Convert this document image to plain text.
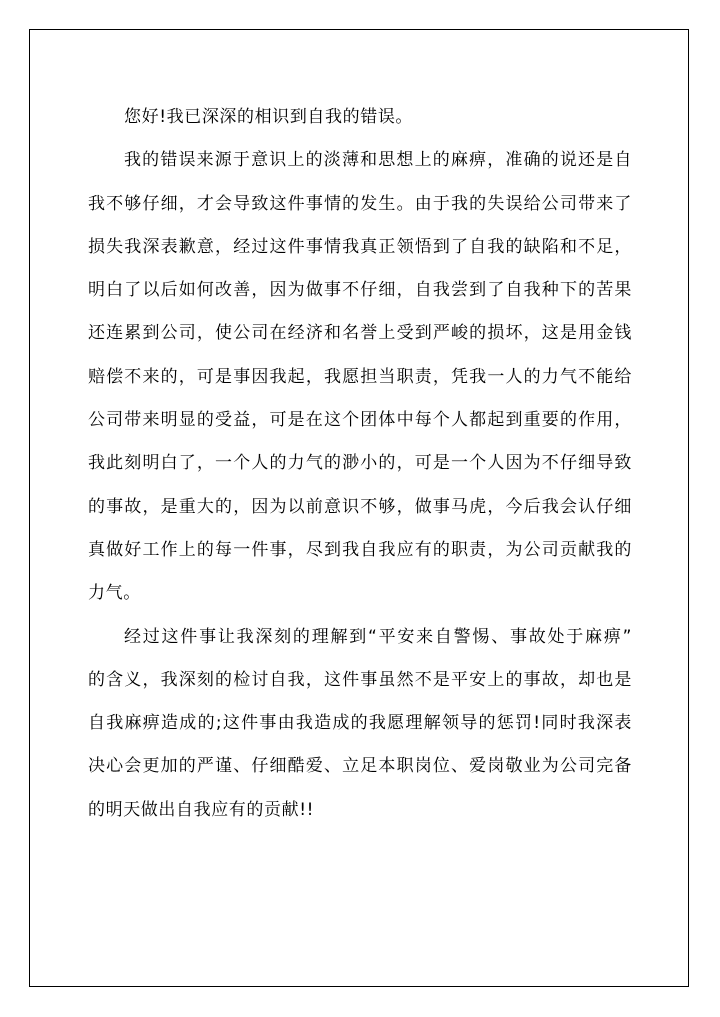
您好!我已深深的相识到自我的错误。
我的错误来源于意识上的淡薄和思想上的麻痹，准确的说还是自
我不够仔细，才会导致这件事情的发生。由于我的失误给公司带来了
损失我深表歉意，经过这件事情我真正领悟到了自我的缺陷和不足，
明白了以后如何改善，因为做事不仔细，自我尝到了自我种下的苦果
还连累到公司，使公司在经济和名誉上受到严峻的损坏，这是用金钱
赔偿不来的，可是事因我起，我愿担当职责，凭我一人的力气不能给
公司带来明显的受益，可是在这个团体中每个人都起到重要的作用，
我此刻明白了，一个人的力气的渺小的，可是一个人因为不仔细导致
的事故，是重大的，因为以前意识不够，做事马虎，今后我会认仔细
真做好工作上的每一件事，尽到我自我应有的职责，为公司贡献我的
力气。
经过这件事让我深刻的理解到“平安来自警惕、事故处于麻痹”
的含义，我深刻的检讨自我，这件事虽然不是平安上的事故，却也是
自我麻痹造成的;这件事由我造成的我愿理解领导的惩罚!同时我深表
决心会更加的严谨、仔细酷爱、立足本职岗位、爱岗敬业为公司完备
的明天做出自我应有的贡献!!
